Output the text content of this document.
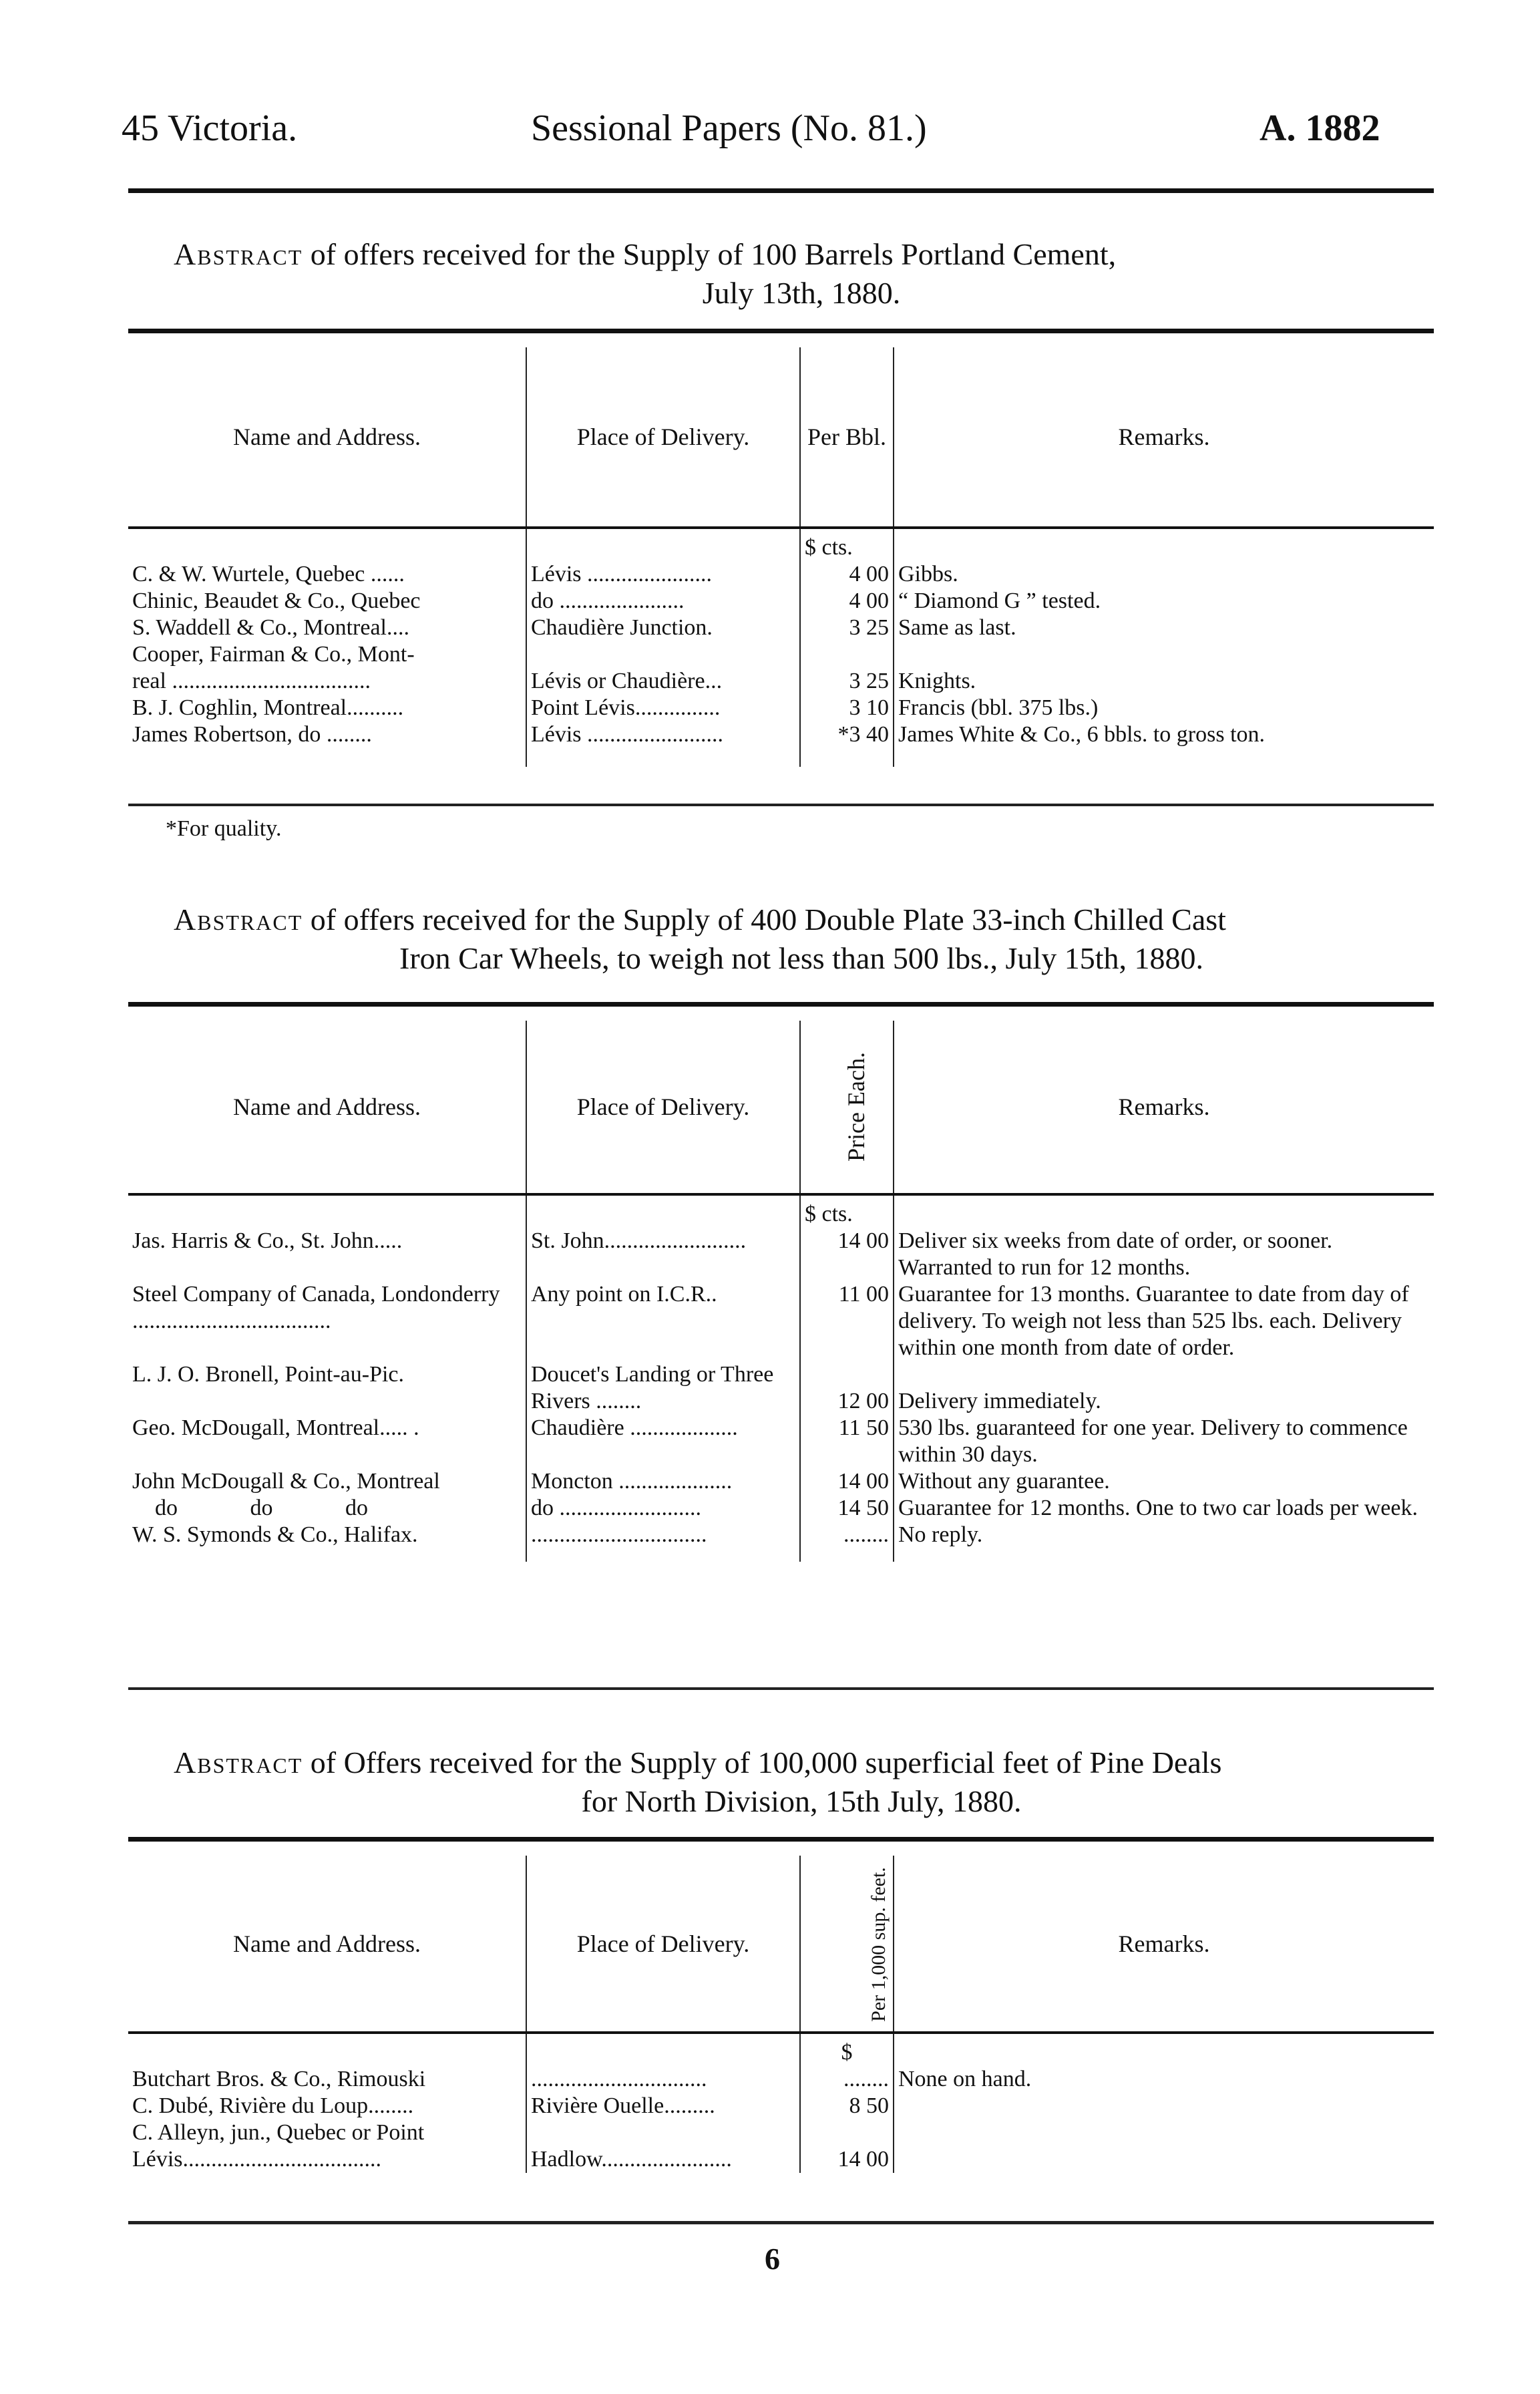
45 Victoria.	Sessional Papers (No. 81.)	A. 1882
Abstract of offers received for the Supply of 100 Barrels Portland Cement,
July 13th, 1880.
Name and Address.	Place of Delivery.	Per Bbl.	Remarks.
		$ cts.	
C. & W. Wurtele, Quebec ......	Lévis ......................	4 00	Gibbs.
Chinic, Beaudet & Co., Quebec	do ......................	4 00	“ Diamond G ” tested.
S. Waddell & Co., Montreal....	Chaudière Junction.	3 25	Same as last.
Cooper, Fairman & Co., Mont-			
real ...................................	Lévis or Chaudière...	3 25	Knights.
B. J. Coghlin, Montreal..........	Point Lévis...............	3 10	Francis (bbl. 375 lbs.)
James Robertson, do ........	Lévis ........................	*3 40	James White & Co., 6 bbls. to gross ton.

*For quality.
Abstract of offers received for the Supply of 400 Double Plate 33-inch Chilled Cast
Iron Car Wheels, to weigh not less than 500 lbs., July 15th, 1880.
Name and Address.	Place of Delivery.	Price Each.	Remarks.
		$ cts.	
Jas. Harris & Co., St. John.....	St. John.........................	14 00	Deliver six weeks from date of order, or sooner. Warranted to run for 12 months.
Steel Company of Canada, Londonderry ...................................	Any point on I.C.R..	11 00	Guarantee for 13 months. Guarantee to date from day of delivery. To weigh not less than 525 lbs. each. Delivery within one month from date of order.
L. J. O. Bronell, Point-au-Pic.	Doucet's Landing or Three Rivers ........	12 00	Delivery immediately.
Geo. McDougall, Montreal..... .	Chaudière ...................	11 50	530 lbs. guaranteed for one year. Delivery to commence within 30 days.
John McDougall & Co., Montreal	Moncton ....................	14 00	Without any guarantee.
do do do	do .........................	14 50	Guarantee for 12 months. One to two car loads per week.
W. S. Symonds & Co., Halifax.	...............................	........	No reply.

Abstract of Offers received for the Supply of 100,000 superficial feet of Pine Deals
for North Division, 15th July, 1880.
Name and Address.	Place of Delivery.	Per 1,000 sup. feet.	Remarks.
		$	
Butchart Bros. & Co., Rimouski	...............................	........	None on hand.
C. Dubé, Rivière du Loup........	Rivière Ouelle.........	8 50	
C. Alleyn, jun., Quebec or Point Lévis...................................	Hadlow.......................	14 00	
6
